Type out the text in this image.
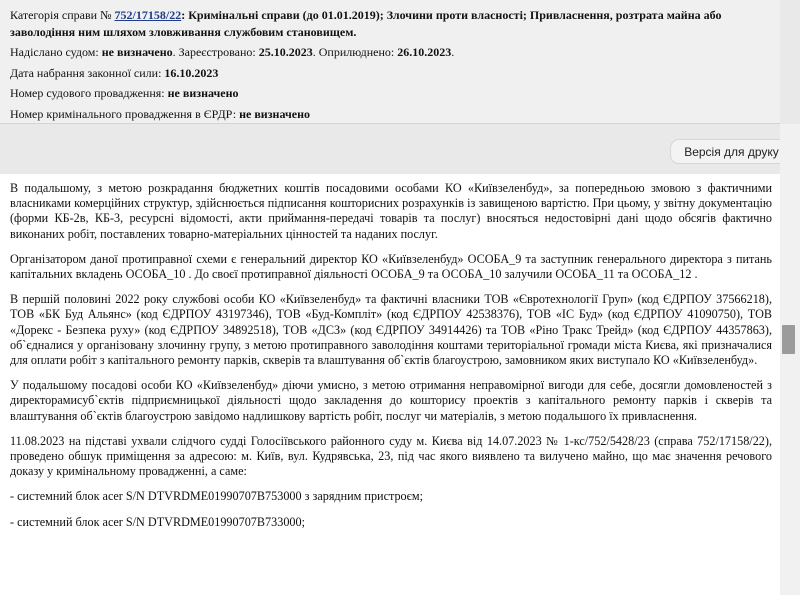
Категорія справи № 752/17158/22: Кримінальні справи (до 01.01.2019); Злочини проти власності; Привласнення, розтрата майна або заволодіння ним шляхом зловживання службовим становищем.
Надіслано судом: не визначено. Зареєстровано: 25.10.2023. Оприлюднено: 26.10.2023.
Дата набрання законної сили: 16.10.2023
Номер судового провадження: не визначено
Номер кримінального провадження в ЄРДР: не визначено
Версія для друку

В подальшому, з метою розкрадання бюджетних коштів посадовими особами КО «Київзеленбуд», за попередньою змовою з фактичними власниками комерційних структур, здійснюється підписання кошторисних розрахунків із завищеною вартістю. При цьому, у звітну документацію (форми КБ-2в, КБ-3, ресурсні відомості, акти приймання-передачі товарів та послуг) вносяться недостовірні дані щодо обсягів фактично виконаних робіт, поставлених товарно-матеріальних цінностей та наданих послуг.

Організатором даної протиправної схеми є генеральний директор КО «Київзеленбуд» ОСОБА_9 та заступник генерального директора з питань капітальних вкладень ОСОБА_10 . До своєї протиправної діяльності ОСОБА_9 та ОСОБА_10 залучили ОСОБА_11 та ОСОБА_12 .

В першій половині 2022 року службові особи КО «Київзеленбуд» та фактичні власники ТОВ «Євротехнології Груп» (код ЄДРПОУ 37566218), ТОВ «БК Буд Альянс» (код ЄДРПОУ 43197346), ТОВ «Буд-Комплiт» (код ЄДРПОУ 42538376), ТОВ «IC Буд» (код ЄДРПОУ 41090750), ТОВ «Дорекс - Безпека руху» (код ЄДРПОУ 34892518), ТОВ «ДСЗ» (код ЄДРПОУ 34914426) та ТОВ «Ріно Тракс Трейд» (код ЄДРПОУ 44357863), об`єдналися у організовану злочинну групу, з метою протиправного заволодіння коштами територіальної громади міста Києва, які призначалися для оплати робіт з капітального ремонту парків, скверів та влаштування об`єктів благоустрою, замовником яких виступало КО «Київзеленбуд».

У подальшому посадові особи КО «Київзеленбуд» діючи умисно, з метою отримання неправомірної вигоди для себе, досягли домовленостей з директорамисуб`єктів підприємницької діяльності щодо закладення до кошторису проектів з капітального ремонту парків і скверів та влаштування об`єктів благоустрою завідомо надлишкову вартість робіт, послуг чи матеріалів, з метою подальшого їх привласнення.

11.08.2023 на підставі ухвали слідчого судді Голосіївського районного суду м. Києва від 14.07.2023 № 1-кс/752/5428/23 (справа 752/17158/22), проведено обшук приміщення за адресою: м. Київ, вул. Кудрявська, 23, під час якого виявлено та вилучено майно, що має значення речового доказу у кримінальному провадженні, а саме:

- системний блок acer S/N DTVRDME01990707B753000 з зарядним пристроєм;

- системний блок acer S/N DTVRDME01990707B733000;
